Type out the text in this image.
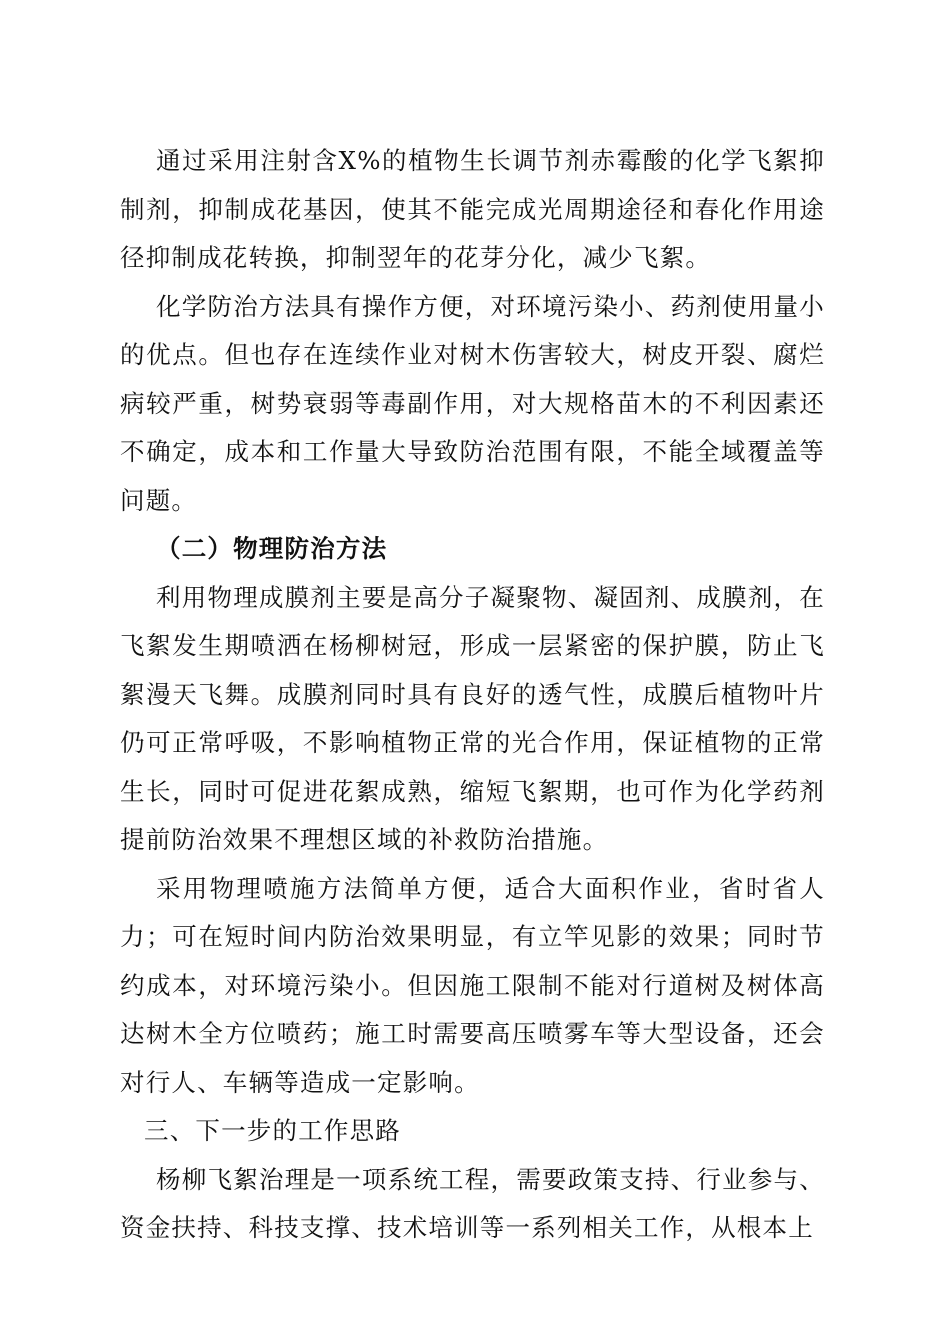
通过采用注射含X%的植物生长调节剂赤霉酸的化学飞絮抑制剂，抑制成花基因，使其不能完成光周期途径和春化作用途径抑制成花转换，抑制翌年的花芽分化，减少飞絮。

化学防治方法具有操作方便，对环境污染小、药剂使用量小的优点。但也存在连续作业对树木伤害较大，树皮开裂、腐烂病较严重，树势衰弱等毒副作用，对大规格苗木的不利因素还不确定，成本和工作量大导致防治范围有限，不能全域覆盖等问题。

（二）物理防治方法

利用物理成膜剂主要是高分子凝聚物、凝固剂、成膜剂，在飞絮发生期喷洒在杨柳树冠，形成一层紧密的保护膜，防止飞絮漫天飞舞。成膜剂同时具有良好的透气性，成膜后植物叶片仍可正常呼吸，不影响植物正常的光合作用，保证植物的正常生长，同时可促进花絮成熟，缩短飞絮期，也可作为化学药剂提前防治效果不理想区域的补救防治措施。

采用物理喷施方法简单方便，适合大面积作业，省时省人力；可在短时间内防治效果明显，有立竿见影的效果；同时节约成本，对环境污染小。但因施工限制不能对行道树及树体高达树木全方位喷药；施工时需要高压喷雾车等大型设备，还会对行人、车辆等造成一定影响。

三、下一步的工作思路

杨柳飞絮治理是一项系统工程，需要政策支持、行业参与、资金扶持、科技支撑、技术培训等一系列相关工作，从根本上
